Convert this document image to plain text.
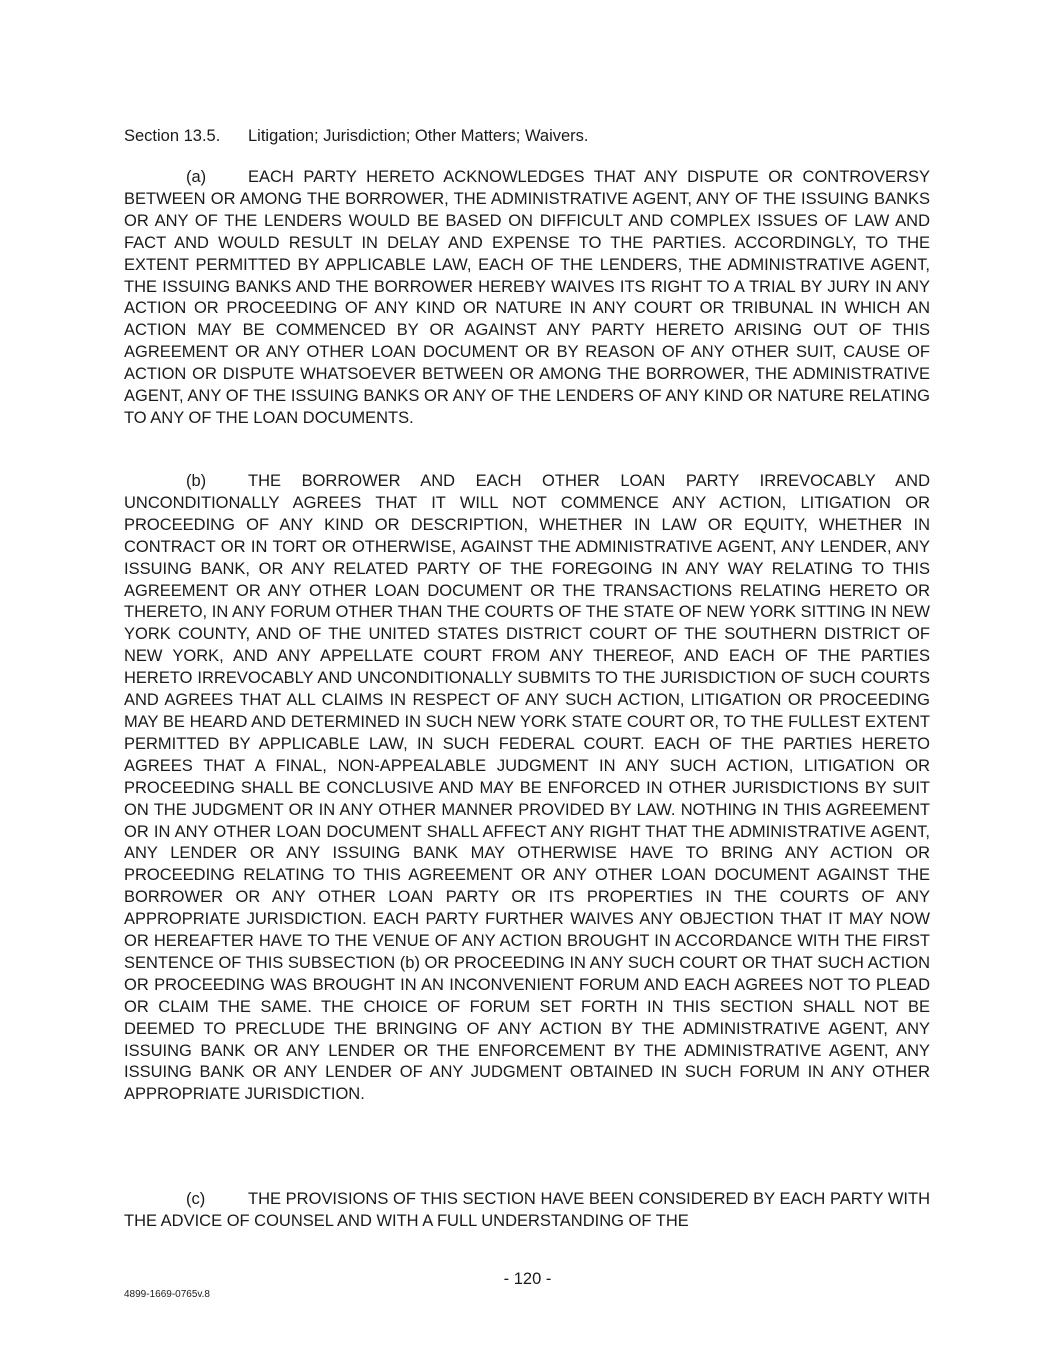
Section 13.5. Litigation; Jurisdiction; Other Matters; Waivers.

(a)	EACH PARTY HERETO ACKNOWLEDGES THAT ANY DISPUTE OR CONTROVERSY BETWEEN OR AMONG THE BORROWER, THE ADMINISTRATIVE AGENT, ANY OF THE ISSUING BANKS OR ANY OF THE LENDERS WOULD BE BASED ON DIFFICULT AND COMPLEX ISSUES OF LAW AND FACT AND WOULD RESULT IN DELAY AND EXPENSE TO THE PARTIES. ACCORDINGLY, TO THE EXTENT PERMITTED BY APPLICABLE LAW, EACH OF THE LENDERS, THE ADMINISTRATIVE AGENT, THE ISSUING BANKS AND THE BORROWER HEREBY WAIVES ITS RIGHT TO A TRIAL BY JURY IN ANY ACTION OR PROCEEDING OF ANY KIND OR NATURE IN ANY COURT OR TRIBUNAL IN WHICH AN ACTION MAY BE COMMENCED BY OR AGAINST ANY PARTY HERETO ARISING OUT OF THIS AGREEMENT OR ANY OTHER LOAN DOCUMENT OR BY REASON OF ANY OTHER SUIT, CAUSE OF ACTION OR DISPUTE WHATSOEVER BETWEEN OR AMONG THE BORROWER, THE ADMINISTRATIVE AGENT, ANY OF THE ISSUING BANKS OR ANY OF THE LENDERS OF ANY KIND OR NATURE RELATING TO ANY OF THE LOAN DOCUMENTS.

(b)	THE BORROWER AND EACH OTHER LOAN PARTY IRREVOCABLY AND UNCONDITIONALLY AGREES THAT IT WILL NOT COMMENCE ANY ACTION, LITIGATION OR PROCEEDING OF ANY KIND OR DESCRIPTION, WHETHER IN LAW OR EQUITY, WHETHER IN CONTRACT OR IN TORT OR OTHERWISE, AGAINST THE ADMINISTRATIVE AGENT, ANY LENDER, ANY ISSUING BANK, OR ANY RELATED PARTY OF THE FOREGOING IN ANY WAY RELATING TO THIS AGREEMENT OR ANY OTHER LOAN DOCUMENT OR THE TRANSACTIONS RELATING HERETO OR THERETO, IN ANY FORUM OTHER THAN THE COURTS OF THE STATE OF NEW YORK SITTING IN NEW YORK COUNTY, AND OF THE UNITED STATES DISTRICT COURT OF THE SOUTHERN DISTRICT OF NEW YORK, AND ANY APPELLATE COURT FROM ANY THEREOF, AND EACH OF THE PARTIES HERETO IRREVOCABLY AND UNCONDITIONALLY SUBMITS TO THE JURISDICTION OF SUCH COURTS AND AGREES THAT ALL CLAIMS IN RESPECT OF ANY SUCH ACTION, LITIGATION OR PROCEEDING MAY BE HEARD AND DETERMINED IN SUCH NEW YORK STATE COURT OR, TO THE FULLEST EXTENT PERMITTED BY APPLICABLE LAW, IN SUCH FEDERAL COURT. EACH OF THE PARTIES HERETO AGREES THAT A FINAL, NON-APPEALABLE JUDGMENT IN ANY SUCH ACTION, LITIGATION OR PROCEEDING SHALL BE CONCLUSIVE AND MAY BE ENFORCED IN OTHER JURISDICTIONS BY SUIT ON THE JUDGMENT OR IN ANY OTHER MANNER PROVIDED BY LAW. NOTHING IN THIS AGREEMENT OR IN ANY OTHER LOAN DOCUMENT SHALL AFFECT ANY RIGHT THAT THE ADMINISTRATIVE AGENT, ANY LENDER OR ANY ISSUING BANK MAY OTHERWISE HAVE TO BRING ANY ACTION OR PROCEEDING RELATING TO THIS AGREEMENT OR ANY OTHER LOAN DOCUMENT AGAINST THE BORROWER OR ANY OTHER LOAN PARTY OR ITS PROPERTIES IN THE COURTS OF ANY APPROPRIATE JURISDICTION. EACH PARTY FURTHER WAIVES ANY OBJECTION THAT IT MAY NOW OR HEREAFTER HAVE TO THE VENUE OF ANY ACTION BROUGHT IN ACCORDANCE WITH THE FIRST SENTENCE OF THIS SUBSECTION (b) OR PROCEEDING IN ANY SUCH COURT OR THAT SUCH ACTION OR PROCEEDING WAS BROUGHT IN AN INCONVENIENT FORUM AND EACH AGREES NOT TO PLEAD OR CLAIM THE SAME. THE CHOICE OF FORUM SET FORTH IN THIS SECTION SHALL NOT BE DEEMED TO PRECLUDE THE BRINGING OF ANY ACTION BY THE ADMINISTRATIVE AGENT, ANY ISSUING BANK OR ANY LENDER OR THE ENFORCEMENT BY THE ADMINISTRATIVE AGENT, ANY ISSUING BANK OR ANY LENDER OF ANY JUDGMENT OBTAINED IN SUCH FORUM IN ANY OTHER APPROPRIATE JURISDICTION.

(c)	THE PROVISIONS OF THIS SECTION HAVE BEEN CONSIDERED BY EACH PARTY WITH THE ADVICE OF COUNSEL AND WITH A FULL UNDERSTANDING OF THE

- 120 -
4899-1669-0765v.8
